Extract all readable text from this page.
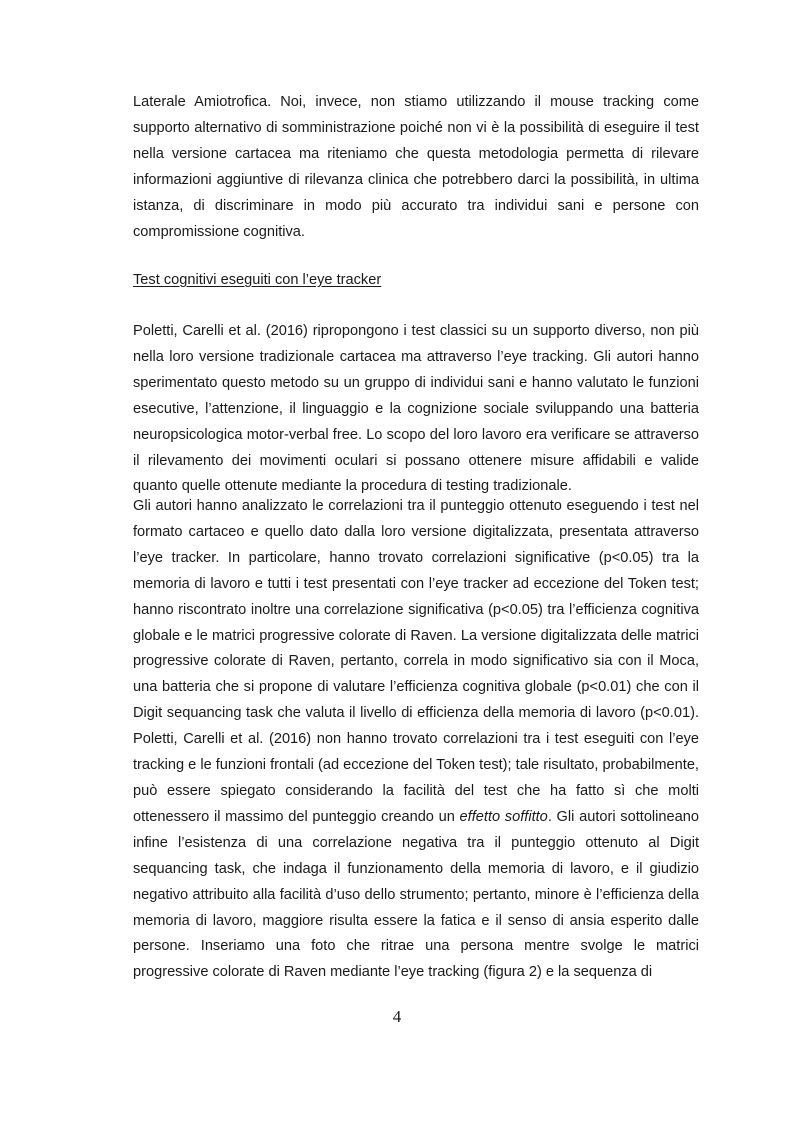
Laterale Amiotrofica. Noi, invece, non stiamo utilizzando il mouse tracking come supporto alternativo di somministrazione poiché non vi è la possibilità di eseguire il test nella versione cartacea ma riteniamo che questa metodologia permetta di rilevare informazioni aggiuntive di rilevanza clinica che potrebbero darci la possibilità, in ultima istanza, di discriminare in modo più accurato tra individui sani e persone con compromissione cognitiva.

Test cognitivi eseguiti con l’eye tracker

Poletti, Carelli et al. (2016) ripropongono i test classici su un supporto diverso, non più nella loro versione tradizionale cartacea ma attraverso l’eye tracking. Gli autori hanno sperimentato questo metodo su un gruppo di individui sani e hanno valutato le funzioni esecutive, l’attenzione, il linguaggio e la cognizione sociale sviluppando una batteria neuropsicologica motor-verbal free. Lo scopo del loro lavoro era verificare se attraverso il rilevamento dei movimenti oculari si possano ottenere misure affidabili e valide quanto quelle ottenute mediante la procedura di testing tradizionale.

Gli autori hanno analizzato le correlazioni tra il punteggio ottenuto eseguendo i test nel formato cartaceo e quello dato dalla loro versione digitalizzata, presentata attraverso l’eye tracker. In particolare, hanno trovato correlazioni significative (p<0.05) tra la memoria di lavoro e tutti i test presentati con l’eye tracker ad eccezione del Token test; hanno riscontrato inoltre una correlazione significativa (p<0.05) tra l’efficienza cognitiva globale e le matrici progressive colorate di Raven. La versione digitalizzata delle matrici progressive colorate di Raven, pertanto, correla in modo significativo sia con il Moca, una batteria che si propone di valutare l’efficienza cognitiva globale (p<0.01) che con il Digit sequancing task che valuta il livello di efficienza della memoria di lavoro (p<0.01). Poletti, Carelli et al. (2016) non hanno trovato correlazioni tra i test eseguiti con l’eye tracking e le funzioni frontali (ad eccezione del Token test); tale risultato, probabilmente, può essere spiegato considerando la facilità del test che ha fatto sì che molti ottenessero il massimo del punteggio creando un effetto soffitto. Gli autori sottolineano infine l’esistenza di una correlazione negativa tra il punteggio ottenuto al Digit sequancing task, che indaga il funzionamento della memoria di lavoro, e il giudizio negativo attribuito alla facilità d’uso dello strumento; pertanto, minore è l’efficienza della memoria di lavoro, maggiore risulta essere la fatica e il senso di ansia esperito dalle persone. Inseriamo una foto che ritrae una persona mentre svolge le matrici progressive colorate di Raven mediante l’eye tracking (figura 2) e la sequenza di

4
